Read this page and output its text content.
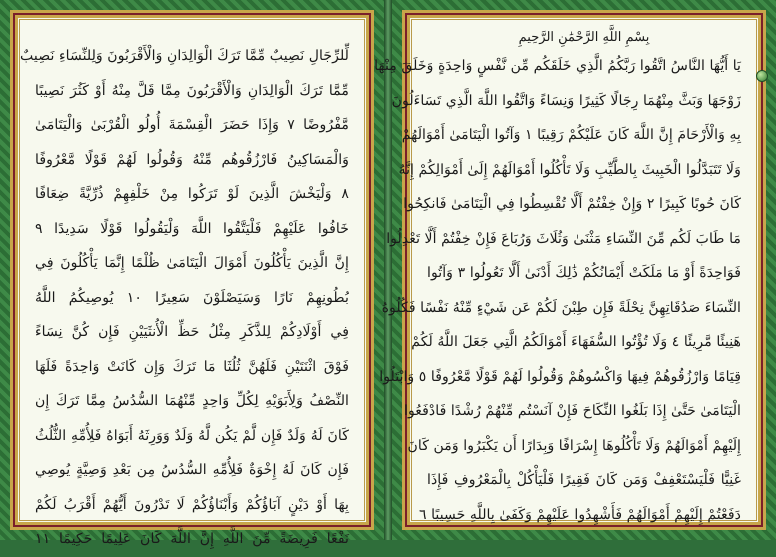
لِّلرِّجَالِ نَصِيبٌ مِّمَّا تَرَكَ الْوَالِدَانِ وَالْأَقْرَبُونَ وَلِلنِّسَاءِ نَصِيبٌ
مِّمَّا تَرَكَ الْوَالِدَانِ وَالْأَقْرَبُونَ مِمَّا قَلَّ مِنْهُ أَوْ كَثُرَ نَصِيبًا
مَّفْرُوضًا ٧ وَإِذَا حَضَرَ الْقِسْمَةَ أُولُو الْقُرْبَىٰ وَالْيَتَامَىٰ
وَالْمَسَاكِينُ فَارْزُقُوهُم مِّنْهُ وَقُولُوا لَهُمْ قَوْلًا مَّعْرُوفًا
٨ وَلْيَخْشَ الَّذِينَ لَوْ تَرَكُوا مِنْ خَلْفِهِمْ ذُرِّيَّةً ضِعَافًا
خَافُوا عَلَيْهِمْ فَلْيَتَّقُوا اللَّهَ وَلْيَقُولُوا قَوْلًا سَدِيدًا ٩
إِنَّ الَّذِينَ يَأْكُلُونَ أَمْوَالَ الْيَتَامَىٰ ظُلْمًا إِنَّمَا يَأْكُلُونَ فِي
بُطُونِهِمْ نَارًا وَسَيَصْلَوْنَ سَعِيرًا ١٠ يُوصِيكُمُ اللَّهُ
فِي أَوْلَادِكُمْ لِلذَّكَرِ مِثْلُ حَظِّ الْأُنثَيَيْنِ فَإِن كُنَّ نِسَاءً
فَوْقَ اثْنَتَيْنِ فَلَهُنَّ ثُلُثَا مَا تَرَكَ وَإِن كَانَتْ وَاحِدَةً فَلَهَا
النِّصْفُ وَلِأَبَوَيْهِ لِكُلِّ وَاحِدٍ مِّنْهُمَا السُّدُسُ مِمَّا تَرَكَ إِن
كَانَ لَهُ وَلَدٌ فَإِن لَّمْ يَكُن لَّهُ وَلَدٌ وَوَرِثَهُ أَبَوَاهُ فَلِأُمِّهِ الثُّلُثُ
فَإِن كَانَ لَهُ إِخْوَةٌ فَلِأُمِّهِ السُّدُسُ مِن بَعْدِ وَصِيَّةٍ يُوصِي
بِهَا أَوْ دَيْنٍ آبَاؤُكُمْ وَأَبْنَاؤُكُمْ لَا تَدْرُونَ أَيُّهُمْ أَقْرَبُ لَكُمْ
نَفْعًا فَرِيضَةً مِّنَ اللَّهِ إِنَّ اللَّهَ كَانَ عَلِيمًا حَكِيمًا ١١
بِسْمِ اللَّهِ الرَّحْمَٰنِ الرَّحِيمِ
يَا أَيُّهَا النَّاسُ اتَّقُوا رَبَّكُمُ الَّذِي خَلَقَكُم مِّن نَّفْسٍ وَاحِدَةٍ وَخَلَقَ مِنْهَا
زَوْجَهَا وَبَثَّ مِنْهُمَا رِجَالًا كَثِيرًا وَنِسَاءً وَاتَّقُوا اللَّهَ الَّذِي تَسَاءَلُونَ
بِهِ وَالْأَرْحَامَ إِنَّ اللَّهَ كَانَ عَلَيْكُمْ رَقِيبًا ١ وَآتُوا الْيَتَامَىٰ أَمْوَالَهُمْ
وَلَا تَتَبَدَّلُوا الْخَبِيثَ بِالطَّيِّبِ وَلَا تَأْكُلُوا أَمْوَالَهُمْ إِلَىٰ أَمْوَالِكُمْ إِنَّهُ
كَانَ حُوبًا كَبِيرًا ٢ وَإِنْ خِفْتُمْ أَلَّا تُقْسِطُوا فِي الْيَتَامَىٰ فَانكِحُوا
مَا طَابَ لَكُم مِّنَ النِّسَاءِ مَثْنَىٰ وَثُلَاثَ وَرُبَاعَ فَإِنْ خِفْتُمْ أَلَّا تَعْدِلُوا
فَوَاحِدَةً أَوْ مَا مَلَكَتْ أَيْمَانُكُمْ ذَٰلِكَ أَدْنَىٰ أَلَّا تَعُولُوا ٣ وَآتُوا
النِّسَاءَ صَدُقَاتِهِنَّ نِحْلَةً فَإِن طِبْنَ لَكُمْ عَن شَيْءٍ مِّنْهُ نَفْسًا فَكُلُوهُ
هَنِيئًا مَّرِيئًا ٤ وَلَا تُؤْتُوا السُّفَهَاءَ أَمْوَالَكُمُ الَّتِي جَعَلَ اللَّهُ لَكُمْ
قِيَامًا وَارْزُقُوهُمْ فِيهَا وَاكْسُوهُمْ وَقُولُوا لَهُمْ قَوْلًا مَّعْرُوفًا ٥ وَابْتَلُوا
الْيَتَامَىٰ حَتَّىٰ إِذَا بَلَغُوا النِّكَاحَ فَإِنْ آنَسْتُم مِّنْهُمْ رُشْدًا فَادْفَعُوا
إِلَيْهِمْ أَمْوَالَهُمْ وَلَا تَأْكُلُوهَا إِسْرَافًا وَبِدَارًا أَن يَكْبَرُوا وَمَن كَانَ
غَنِيًّا فَلْيَسْتَعْفِفْ وَمَن كَانَ فَقِيرًا فَلْيَأْكُلْ بِالْمَعْرُوفِ فَإِذَا
دَفَعْتُمْ إِلَيْهِمْ أَمْوَالَهُمْ فَأَشْهِدُوا عَلَيْهِمْ وَكَفَىٰ بِاللَّهِ حَسِيبًا ٦
